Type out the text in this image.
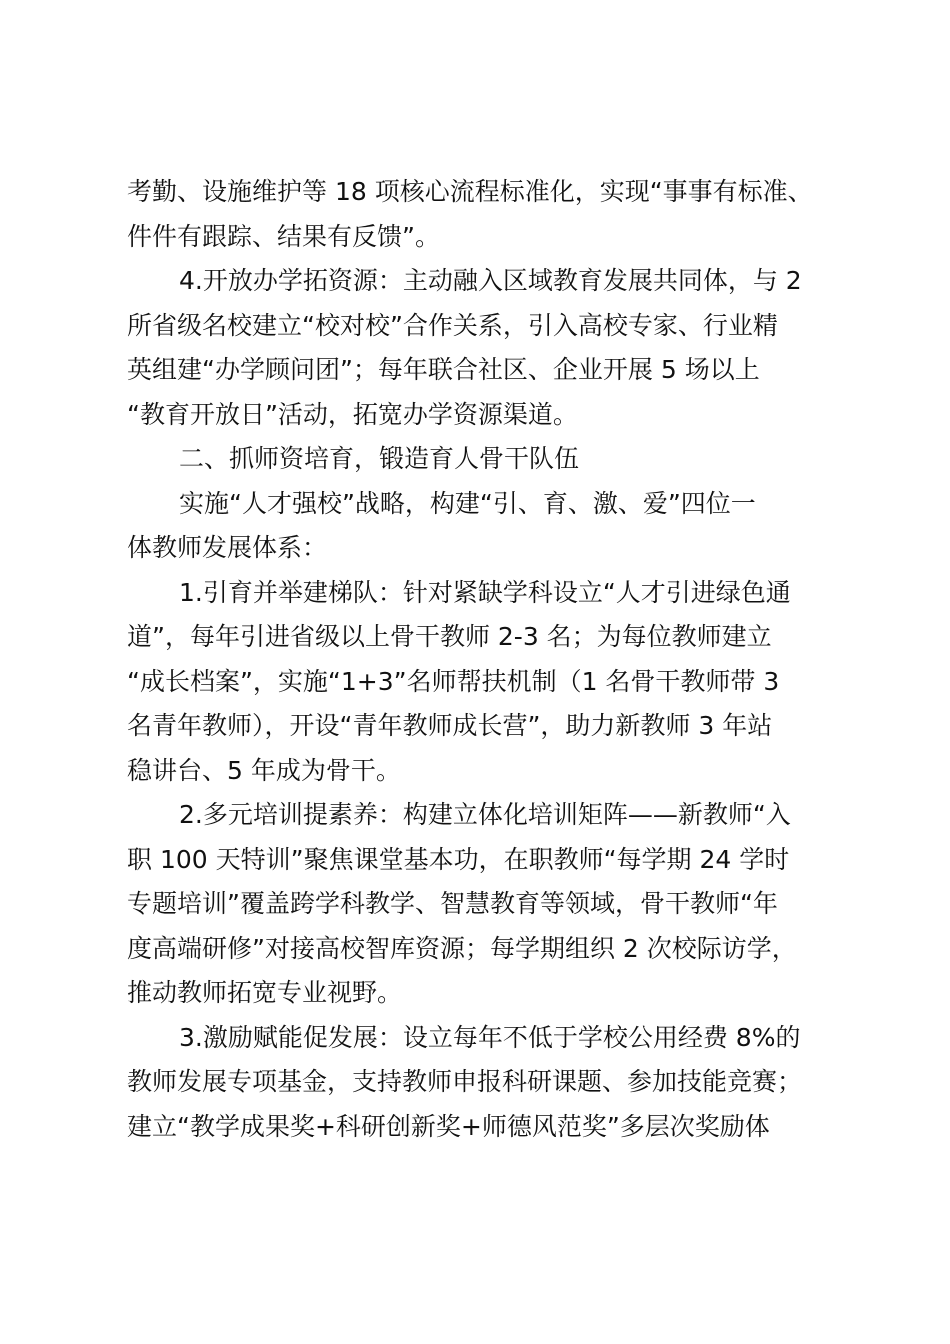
考勤、设施维护等 18 项核心流程标准化，实现“事事有标准、
件件有跟踪、结果有反馈”。
4.开放办学拓资源：主动融入区域教育发展共同体，与 2
所省级名校建立“校对校”合作关系，引入高校专家、行业精
英组建“办学顾问团”；每年联合社区、企业开展 5 场以上
“教育开放日”活动，拓宽办学资源渠道。
二、抓师资培育，锻造育人骨干队伍
实施“人才强校”战略，构建“引、育、激、爱”四位一
体教师发展体系：
1.引育并举建梯队：针对紧缺学科设立“人才引进绿色通
道”，每年引进省级以上骨干教师 2-3 名；为每位教师建立
“成长档案”，实施“1+3”名师帮扶机制（1 名骨干教师带 3
名青年教师），开设“青年教师成长营”，助力新教师 3 年站
稳讲台、5 年成为骨干。
2.多元培训提素养：构建立体化培训矩阵——新教师“入
职 100 天特训”聚焦课堂基本功，在职教师“每学期 24 学时
专题培训”覆盖跨学科教学、智慧教育等领域，骨干教师“年
度高端研修”对接高校智库资源；每学期组织 2 次校际访学，
推动教师拓宽专业视野。
3.激励赋能促发展：设立每年不低于学校公用经费 8%的
教师发展专项基金，支持教师申报科研课题、参加技能竞赛；
建立“教学成果奖+科研创新奖+师德风范奖”多层次奖励体
